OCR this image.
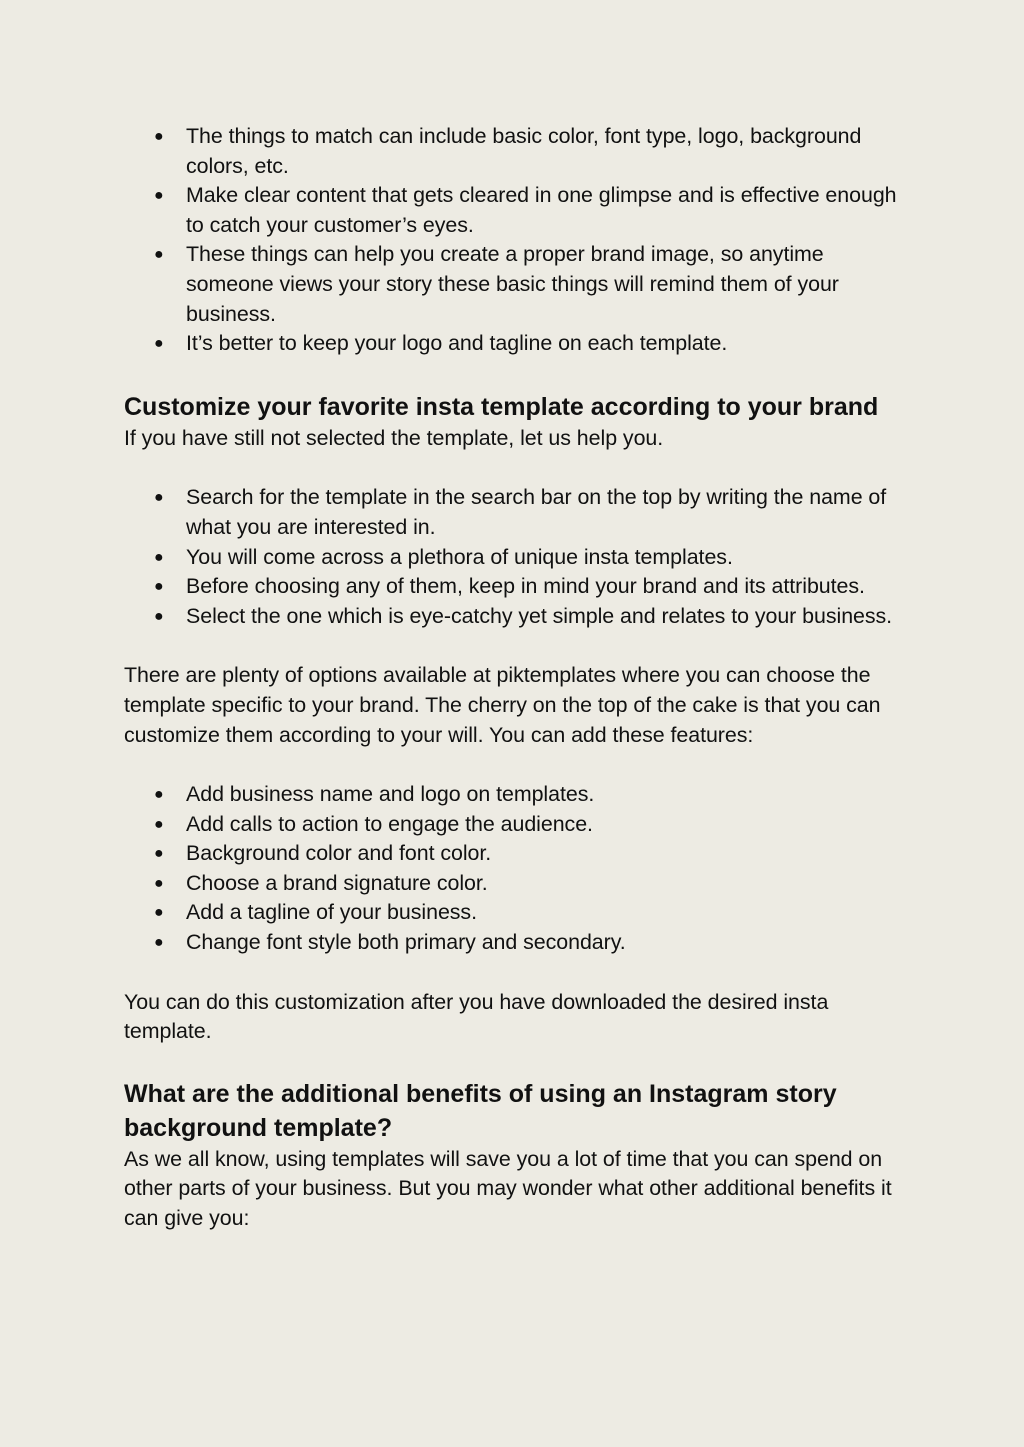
● The things to match can include basic color, font type, logo, background colors, etc.
● Make clear content that gets cleared in one glimpse and is effective enough to catch your customer’s eyes.
● These things can help you create a proper brand image, so anytime someone views your story these basic things will remind them of your business.
● It’s better to keep your logo and tagline on each template.
Customize your favorite insta template according to your brand

If you have still not selected the template, let us help you.

● Search for the template in the search bar on the top by writing the name of what you are interested in.
● You will come across a plethora of unique insta templates.
● Before choosing any of them, keep in mind your brand and its attributes.
● Select the one which is eye-catchy yet simple and relates to your business.

There are plenty of options available at piktemplates where you can choose the template specific to your brand. The cherry on the top of the cake is that you can customize them according to your will. You can add these features:

● Add business name and logo on templates.
● Add calls to action to engage the audience.
● Background color and font color.
● Choose a brand signature color.
● Add a tagline of your business.
● Change font style both primary and secondary.

You can do this customization after you have downloaded the desired insta template.

What are the additional benefits of using an Instagram story background template?

As we all know, using templates will save you a lot of time that you can spend on other parts of your business. But you may wonder what other additional benefits it can give you:
